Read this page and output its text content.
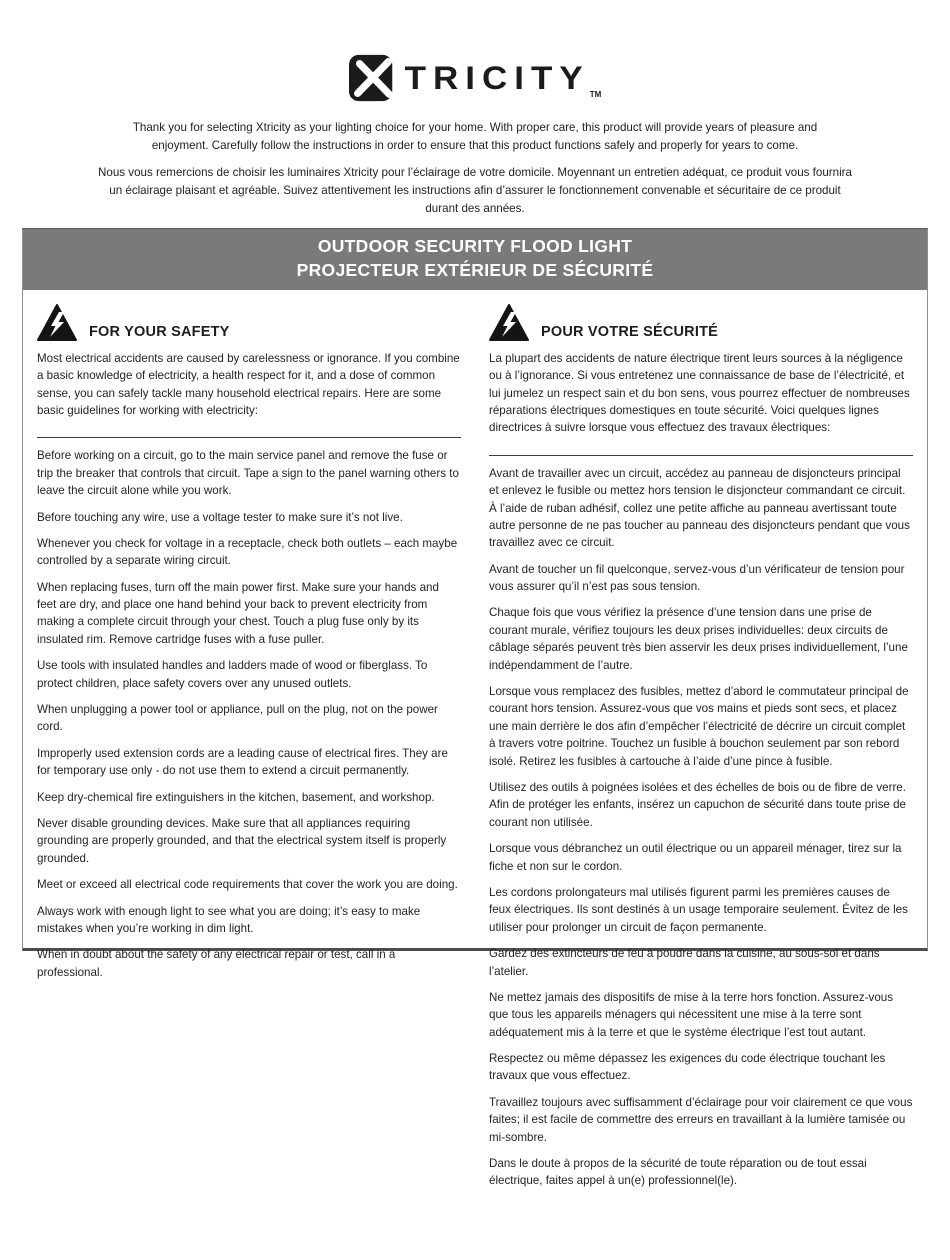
TRICITY TM

Thank you for selecting Xtricity as your lighting choice for your home. With proper care, this product will provide years of pleasure and enjoyment. Carefully follow the instructions in order to ensure that this product functions safely and properly for years to come.

Nous vous remercions de choisir les luminaires Xtricity pour l’éclairage de votre domicile. Moyennant un entretien adéquat, ce produit vous fournira un éclairage plaisant et agréable. Suivez attentivement les instructions afin d’assurer le fonctionnement convenable et sécuritaire de ce produit durant des années.

OUTDOOR SECURITY FLOOD LIGHT
PROJECTEUR EXTÉRIEUR DE SÉCURITÉ
FOR YOUR SAFETY

Most electrical accidents are caused by carelessness or ignorance. If you combine a basic knowledge of electricity, a health respect for it, and a dose of common sense, you can safely tackle many household electrical repairs. Here are some basic guidelines for working with electricity:

Before working on a circuit, go to the main service panel and remove the fuse or trip the breaker that controls that circuit. Tape a sign to the panel warning others to leave the circuit alone while you work.

Before touching any wire, use a voltage tester to make sure it’s not live.

Whenever you check for voltage in a receptacle, check both outlets – each maybe controlled by a separate wiring circuit.

When replacing fuses, turn off the main power first. Make sure your hands and feet are dry, and place one hand behind your back to prevent electricity from making a complete circuit through your chest. Touch a plug fuse only by its insulated rim. Remove cartridge fuses with a fuse puller.

Use tools with insulated handles and ladders made of wood or fiberglass. To protect children, place safety covers over any unused outlets.

When unplugging a power tool or appliance, pull on the plug, not on the power cord.

Improperly used extension cords are a leading cause of electrical fires. They are for temporary use only - do not use them to extend a circuit permanently.

Keep dry-chemical fire extinguishers in the kitchen, basement, and workshop.

Never disable grounding devices. Make sure that all appliances requiring grounding are properly grounded, and that the electrical system itself is properly grounded.

Meet or exceed all electrical code requirements that cover the work you are doing.

Always work with enough light to see what you are doing; it’s easy to make mistakes when you’re working in dim light.

When in doubt about the safety of any electrical repair or test, call in a professional.

POUR VOTRE SÉCURITÉ

La plupart des accidents de nature électrique tirent leurs sources à la négligence ou à l’ignorance. Si vous entretenez une connaissance de base de l’électricité, et lui jumelez un respect sain et du bon sens, vous pourrez effectuer de nombreuses réparations électriques domestiques en toute sécurité. Voici quelques lignes directrices à suivre lorsque vous effectuez des travaux électriques:

Avant de travailler avec un circuit, accédez au panneau de disjoncteurs principal et enlevez le fusible ou mettez hors tension le disjoncteur commandant ce circuit. À l’aide de ruban adhésif, collez une petite affiche au panneau avertissant toute autre personne de ne pas toucher au panneau des disjoncteurs pendant que vous travaillez avec ce circuit.

Avant de toucher un fil quelconque, servez-vous d’un vérificateur de tension pour vous assurer qu’il n’est pas sous tension.

Chaque fois que vous vérifiez la présence d’une tension dans une prise de courant murale, vérifiez toujours les deux prises individuelles: deux circuits de câblage séparés peuvent très bien asservir les deux prises individuellement, l’une indépendamment de l’autre.

Lorsque vous remplacez des fusibles, mettez d’abord le commutateur principal de courant hors tension. Assurez-vous que vos mains et pieds sont secs, et placez une main derrière le dos afin d’empêcher l’électricité de décrire un circuit complet à travers votre poitrine. Touchez un fusible à bouchon seulement par son rebord isolé. Retirez les fusibles à cartouche à l’aide d’une pince à fusible.

Utilisez des outils à poignées isolées et des échelles de bois ou de fibre de verre. Afin de protéger les enfants, insérez un capuchon de sécurité dans toute prise de courant non utilisée.

Lorsque vous débranchez un outil électrique ou un appareil ménager, tirez sur la fiche et non sur le cordon.

Les cordons prolongateurs mal utilisés figurent parmi les premières causes de feux électriques. Ils sont destinés à un usage temporaire seulement. Évitez de les utiliser pour prolonger un circuit de façon permanente.

Gardez des extincteurs de feu à poudre dans la cuisine, au sous-sol et dans l’atelier.

Ne mettez jamais des dispositifs de mise à la terre hors fonction. Assurez-vous que tous les appareils ménagers qui nécessitent une mise à la terre sont adéquatement mis à la terre et que le système électrique l’est tout autant.

Respectez ou même dépassez les exigences du code électrique touchant les travaux que vous effectuez.

Travaillez toujours avec suffisamment d’éclairage pour voir clairement ce que vous faites; il est facile de commettre des erreurs en travaillant à la lumière tamisée ou mi-sombre.

Dans le doute à propos de la sécurité de toute réparation ou de tout essai électrique, faites appel à un(e) professionnel(le).
